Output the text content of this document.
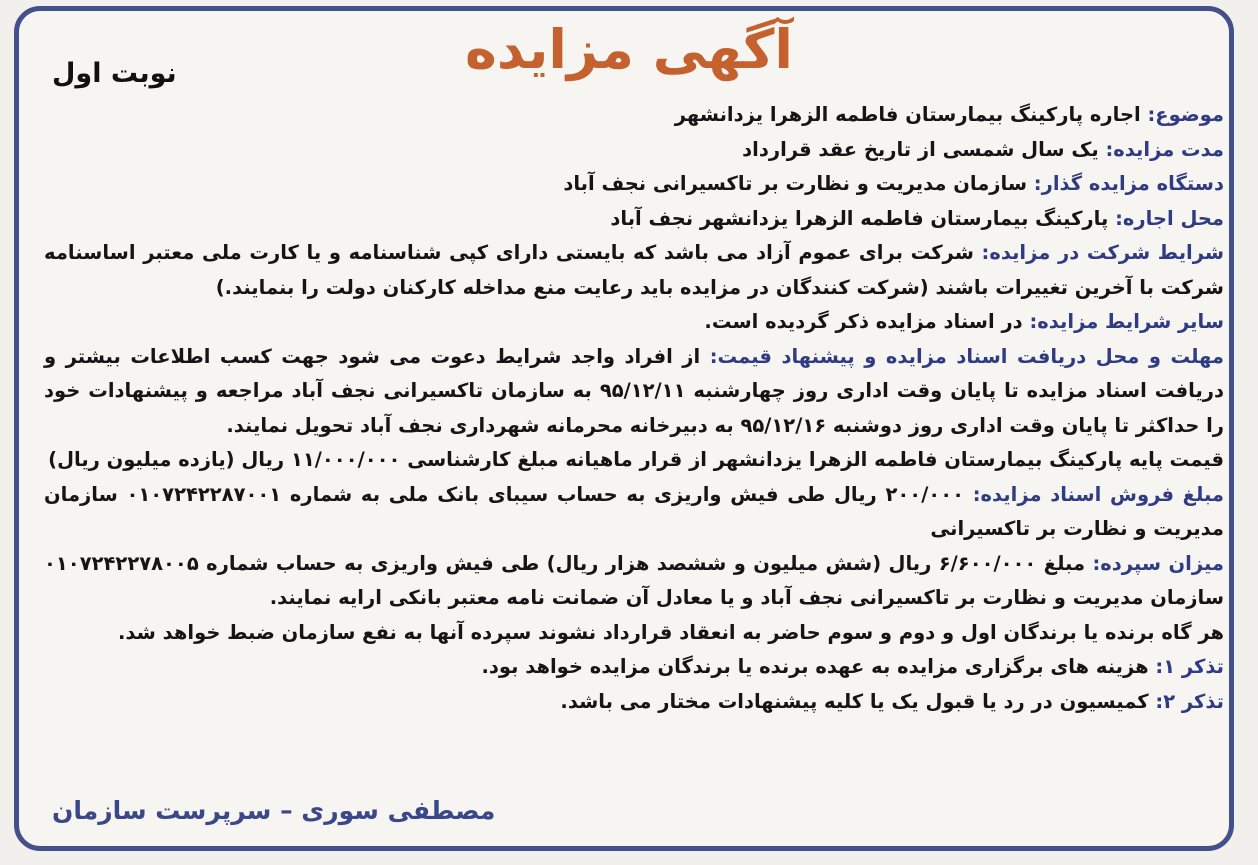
آگهی مزایده
نوبت اول

موضوع: اجاره پارکینگ بیمارستان فاطمه الزهرا یزدانشهر

مدت مزایده: یک سال شمسی از تاریخ عقد قرارداد

دستگاه مزایده گذار: سازمان مدیریت و نظارت بر تاکسیرانی نجف آباد

محل اجاره: پارکینگ بیمارستان فاطمه الزهرا یزدانشهر نجف آباد

شرایط شرکت در مزایده: شرکت برای عموم آزاد می باشد که بایستی دارای کپی شناسنامه و یا کارت ملی معتبر اساسنامه شرکت با آخرین تغییرات باشند (شرکت کنندگان در مزایده باید رعایت منع مداخله کارکنان دولت را بنمایند.)

سایر شرایط مزایده: در اسناد مزایده ذکر گردیده است.

مهلت و محل دریافت اسناد مزایده و پیشنهاد قیمت: از افراد واجد شرایط دعوت می شود جهت کسب اطلاعات بیشتر و دریافت اسناد مزایده تا پایان وقت اداری روز چهارشنبه ۹۵/۱۲/۱۱ به سازمان تاکسیرانی نجف آباد مراجعه و پیشنهادات خود را حداکثر تا پایان وقت اداری روز دوشنبه ۹۵/۱۲/۱۶ به دبیرخانه محرمانه شهرداری نجف آباد تحویل نمایند.

قیمت پایه پارکینگ بیمارستان فاطمه الزهرا یزدانشهر از قرار ماهیانه مبلغ کارشناسی ۱۱/۰۰۰/۰۰۰ ریال (یازده میلیون ریال)

مبلغ فروش اسناد مزایده: ۲۰۰/۰۰۰ ریال طی فیش واریزی به حساب سیبای بانک ملی به شماره ۰۱۰۷۲۴۲۲۸۷۰۰۱ سازمان مدیریت و نظارت بر تاکسیرانی

میزان سپرده: مبلغ ۶/۶۰۰/۰۰۰ ریال (شش میلیون و ششصد هزار ریال) طی فیش واریزی به حساب شماره ۰۱۰۷۲۴۲۲۷۸۰۰۵ سازمان مدیریت و نظارت بر تاکسیرانی نجف آباد و یا معادل آن ضمانت نامه معتبر بانکی ارایه نمایند.

هر گاه برنده یا برندگان اول و دوم و سوم حاضر به انعقاد قرارداد نشوند سپرده آنها به نفع سازمان ضبط خواهد شد.

تذکر ۱: هزینه های برگزاری مزایده به عهده برنده یا برندگان مزایده خواهد بود.

تذکر ۲: کمیسیون در رد یا قبول یک یا کلیه پیشنهادات مختار می باشد.

مصطفی سوری – سرپرست سازمان
